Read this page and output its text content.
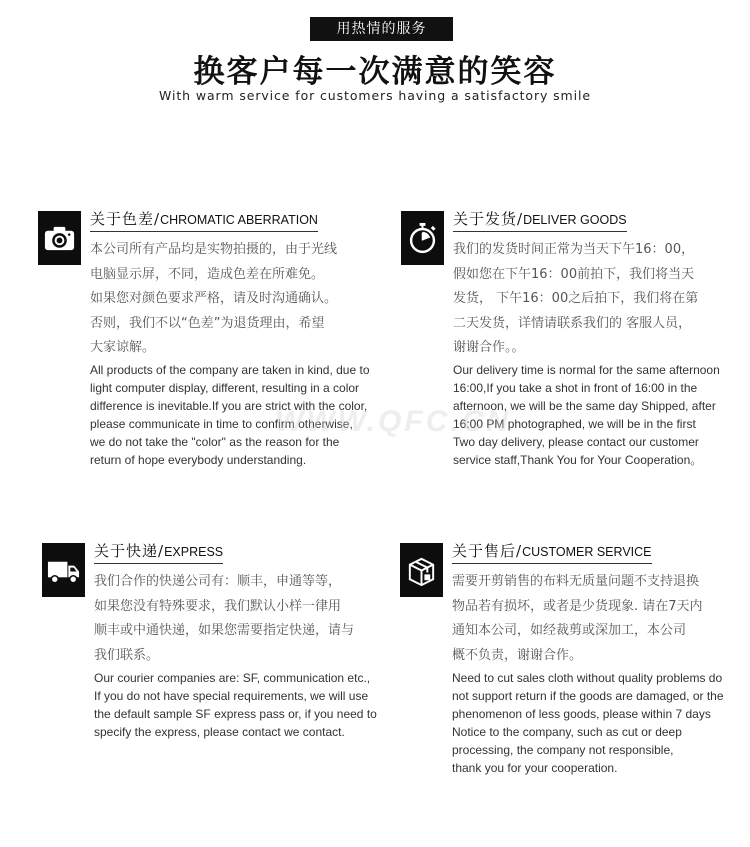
用热情的服务
换客户每一次满意的笑容
With warm service for customers having a satisfactory smile
关于色差/CHROMATIC ABERRATION

本公司所有产品均是实物拍摄的，由于光线

电脑显示屏，不同，造成色差在所难免。

如果您对颜色要求严格，请及时沟通确认。

否则，我们不以“色差”为退货理由，希望

大家谅解。

All products of the company are taken in kind, due to

light computer display, different, resulting in a color

difference is inevitable.If you are strict with the color,

please communicate in time to confirm otherwise,

we do not take the "color" as the reason for the

return of hope everybody understanding.

关于发货/DELIVER GOODS

我们的发货时间正常为当天下午16：00，

假如您在下午16：00前拍下，我们将当天

发货， 下午16：00之后拍下，我们将在第

二天发货，详情请联系我们的 客服人员，

谢谢合作。。

Our delivery time is normal for the same afternoon

16:00,If you take a shot in front of 16:00 in the

afternoon, we will be the same day Shipped, after

16:00 PM photographed, we will be in the first

Two day delivery, please contact our customer

service staff,Thank You for Your Cooperation。

关于快递/EXPRESS

我们合作的快递公司有：顺丰，申通等等，

如果您没有特殊要求，我们默认小样一律用

顺丰或中通快递，如果您需要指定快递，请与

我们联系。

Our courier companies are: SF, communication etc.,

If you do not have special requirements, we will use

the default sample SF express pass or, if you need to

specify the express, please contact we contact.

关于售后/CUSTOMER SERVICE

需要开剪销售的布料无质量问题不支持退换

物品若有损坏，或者是少货现象. 请在7天内

通知本公司，如经裁剪或深加工，本公司

概不负责，谢谢合作。

Need to cut sales cloth without quality problems do

not support return if the goods are damaged, or the

phenomenon of less goods, please within 7 days

Notice to the company, such as cut or deep

processing, the company not responsible,

thank you for your cooperation.

WWW.QFC.CN
